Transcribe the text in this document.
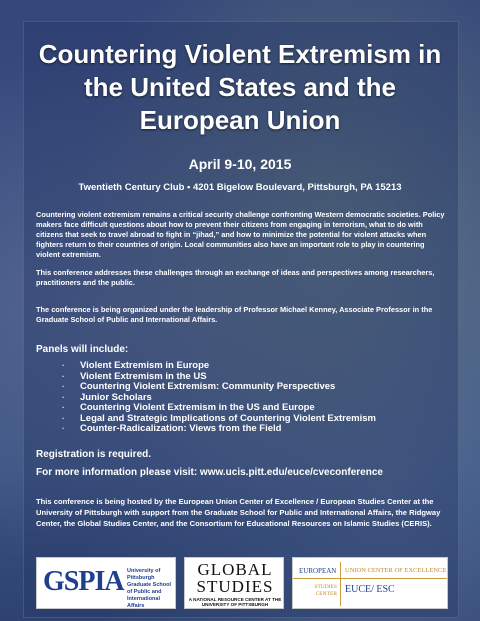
Countering Violent Extremism in the United States and the European Union
April 9-10, 2015
Twentieth Century Club • 4201 Bigelow Boulevard, Pittsburgh, PA 15213
Countering violent extremism remains a critical security challenge confronting Western democratic societies. Policy makers face difficult questions about how to prevent their citizens from engaging in terrorism, what to do with citizens that seek to travel abroad to fight in “jihad,” and how to minimize the potential for violent attacks when fighters return to their countries of origin. Local communities also have an important role to play in countering violent extremism.
This conference addresses these challenges through an exchange of ideas and perspectives among researchers, practitioners and the public.
The conference is being organized under the leadership of Professor Michael Kenney, Associate Professor in the Graduate School of Public and International Affairs.
Panels will include:
· Violent Extremism in Europe
· Violent Extremism in the US
· Countering Violent Extremism: Community Perspectives
· Junior Scholars
· Countering Violent Extremism in the US and Europe
· Legal and Strategic Implications of Countering Violent Extremism
· Counter-Radicalization: Views from the Field
Registration is required.
For more information please visit: www.ucis.pitt.edu/euce/cveconference
This conference is being hosted by the European Union Center of Excellence / European Studies Center at the University of Pittsburgh with support from the Graduate School for Public and International Affairs, the Ridgway Center, the Global Studies Center, and the Consortium for Educational Resources on Islamic Studies (CERIS).
GSPIA University of Pittsburgh Graduate School of Public and International Affairs
GLOBAL
STUDIES
A NATIONAL RESOURCE CENTER AT THE UNIVERSITY OF PITTSBURGH
EUROPEAN UNION CENTER OF EXCELLENCE
STUDIES CENTER EUCE/ ESC
